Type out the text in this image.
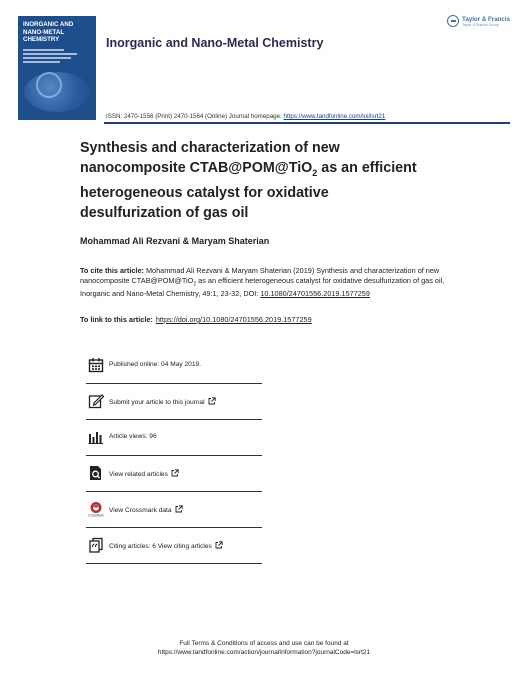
INORGANIC AND
NANO-METAL CHEMISTRY	Inorganic and Nano-Metal Chemistry
Taylor & Francis
Taylor & Francis Group
ISSN: 2470-1556 (Print) 2470-1564 (Online) Journal homepage: https://www.tandfonline.com/loi/lsrt21
Synthesis and characterization of new nanocomposite CTAB@POM@TiO$_2$ as an efficient heterogeneous catalyst for oxidative desulfurization of gas oil
Mohammad Ali Rezvani & Maryam Shaterian
To cite this article: Mohammad Ali Rezvani & Maryam Shaterian (2019) Synthesis and characterization of new nanocomposite CTAB@POM@TiO$_2$ as an efficient heterogeneous catalyst for oxidative desulfurization of gas oil, Inorganic and Nano-Metal Chemistry, 49:1, 23-32, DOI: 10.1080/24701556.2019.1577259
To link to this article: https://doi.org/10.1080/24701556.2019.1577259
Published online: 04 May 2019.
Submit your article to this journal
Article views: 96
View related articles
CrossMark
View Crossmark data
Citing articles: 6 View citing articles
Full Terms & Conditions of access and use can be found at
https://www.tandfonline.com/action/journalInformation?journalCode=lsrt21
